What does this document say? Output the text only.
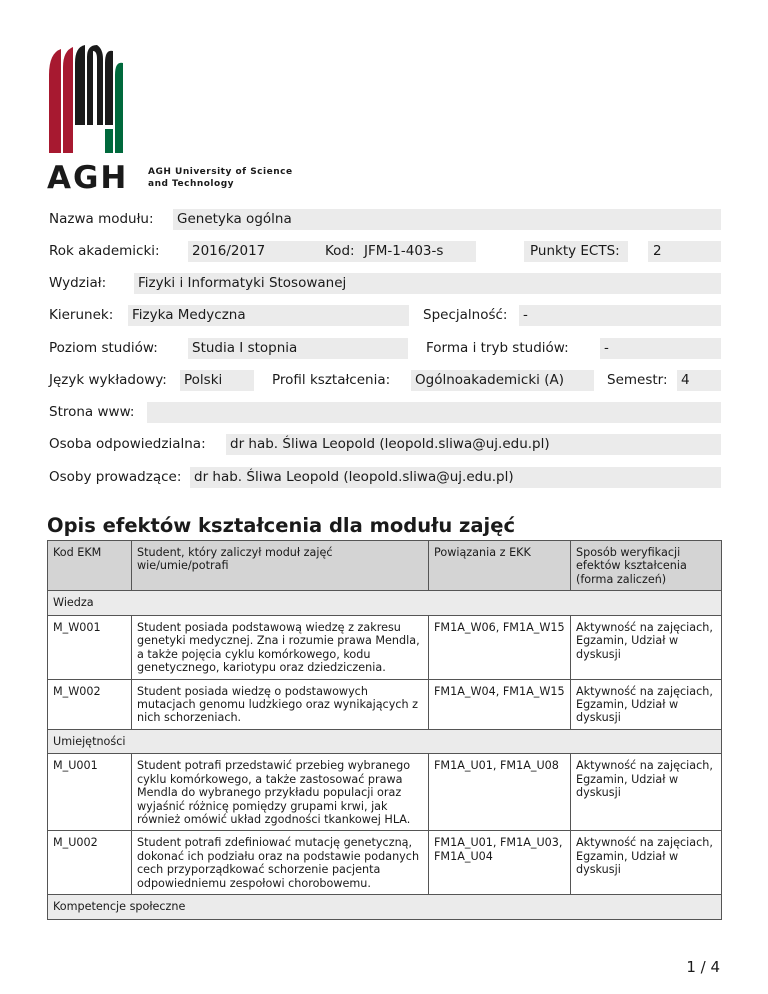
AGH AGH University of Science
and Technology
Nazwa modułu: Genetyka ogólna
Rok akademicki: 2016/2017	Kod: JFM-1-403-s	Punkty ECTS: 2
Wydział: Fizyki i Informatyki Stosowanej
Kierunek: Fizyka Medyczna	Specjalność: -
Poziom studiów:	Studia I stopnia	Forma i tryb studiów:	-
Język wykładowy: Polski	Profil kształcenia: Ogólnoakademicki (A)	Semestr: 4
Strona www:
Osoba odpowiedzialna: dr hab. Śliwa Leopold (leopold.sliwa@uj.edu.pl)
Osoby prowadzące: dr hab. Śliwa Leopold (leopold.sliwa@uj.edu.pl)
Opis efektów kształcenia dla modułu zajęć
Kod EKM	Student, który zaliczył moduł zajęć wie/umie/potrafi	Powiązania z EKK	Sposób weryfikacji efektów kształcenia (forma zaliczeń)
Wiedza			
M_W001	Student posiada podstawową wiedzę z zakresu genetyki medycznej. Zna i rozumie prawa Mendla, a także pojęcia cyklu komórkowego, kodu genetycznego, kariotypu oraz dziedziczenia.	FM1A_W06, FM1A_W15	Aktywność na zajęciach, Egzamin, Udział w dyskusji
M_W002	Student posiada wiedzę o podstawowych mutacjach genomu ludzkiego oraz wynikających z nich schorzeniach.	FM1A_W04, FM1A_W15	Aktywność na zajęciach, Egzamin, Udział w dyskusji
Umiejętności			
M_U001	Student potrafi przedstawić przebieg wybranego cyklu komórkowego, a także zastosować prawa Mendla do wybranego przykładu populacji oraz wyjaśnić różnicę pomiędzy grupami krwi, jak również omówić układ zgodności tkankowej HLA.	FM1A_U01, FM1A_U08	Aktywność na zajęciach, Egzamin, Udział w dyskusji
M_U002	Student potrafi zdefiniować mutację genetyczną, dokonać ich podziału oraz na podstawie podanych cech przyporządkować schorzenie pacjenta odpowiedniemu zespołowi chorobowemu.	FM1A_U01, FM1A_U03, FM1A_U04	Aktywność na zajęciach, Egzamin, Udział w dyskusji
Kompetencje społeczne			
1 / 4
